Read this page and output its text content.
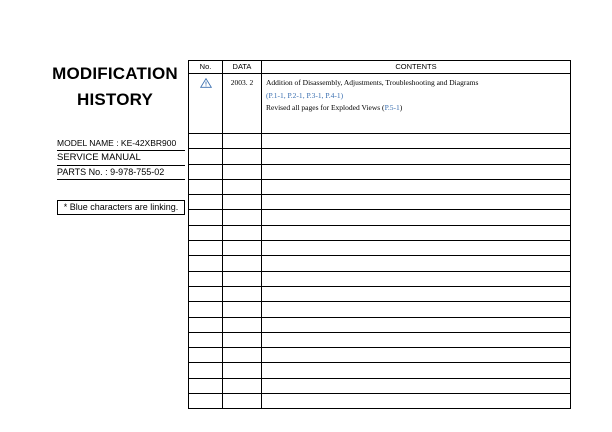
MODIFICATION
HISTORY
MODEL NAME : KE-42XBR900
SERVICE MANUAL
PARTS No. : 9-978-755-02
* Blue characters are linking.
No.	DATA	CONTENTS

	2003. 2	Addition of Disassembly, Adjustments, Troubleshooting and Diagrams
(P.1-1, P.2-1, P.3-1, P.4-1)
Revised all pages for Exploded Views (P.5-1)
